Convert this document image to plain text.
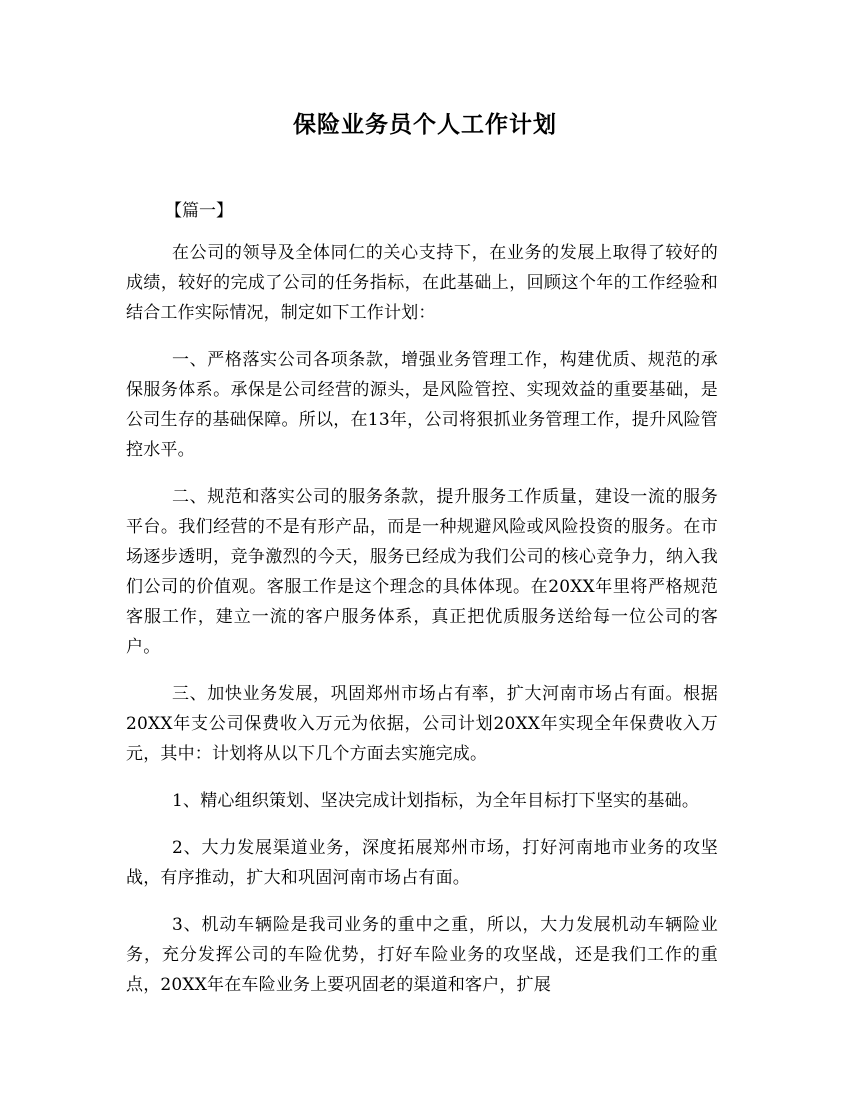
保险业务员个人工作计划

【篇一】

在公司的领导及全体同仁的关心支持下，在业务的发展上取得了较好的成绩，较好的完成了公司的任务指标，在此基础上，回顾这个年的工作经验和结合工作实际情况，制定如下工作计划：

一、严格落实公司各项条款，增强业务管理工作，构建优质、规范的承保服务体系。承保是公司经营的源头，是风险管控、实现效益的重要基础，是公司生存的基础保障。所以，在13年，公司将狠抓业务管理工作，提升风险管控水平。

二、规范和落实公司的服务条款，提升服务工作质量，建设一流的服务平台。我们经营的不是有形产品，而是一种规避风险或风险投资的服务。在市场逐步透明，竞争激烈的今天，服务已经成为我们公司的核心竞争力，纳入我们公司的价值观。客服工作是这个理念的具体体现。在20XX年里将严格规范客服工作，建立一流的客户服务体系，真正把优质服务送给每一位公司的客户。

三、加快业务发展，巩固郑州市场占有率，扩大河南市场占有面。根据20XX年支公司保费收入万元为依据，公司计划20XX年实现全年保费收入万元，其中：计划将从以下几个方面去实施完成。

1、精心组织策划、坚决完成计划指标，为全年目标打下坚实的基础。

2、大力发展渠道业务，深度拓展郑州市场，打好河南地市业务的攻坚战，有序推动，扩大和巩固河南市场占有面。

3、机动车辆险是我司业务的重中之重，所以，大力发展机动车辆险业务，充分发挥公司的车险优势，打好车险业务的攻坚战，还是我们工作的重点，20XX年在车险业务上要巩固老的渠道和客户，扩展
